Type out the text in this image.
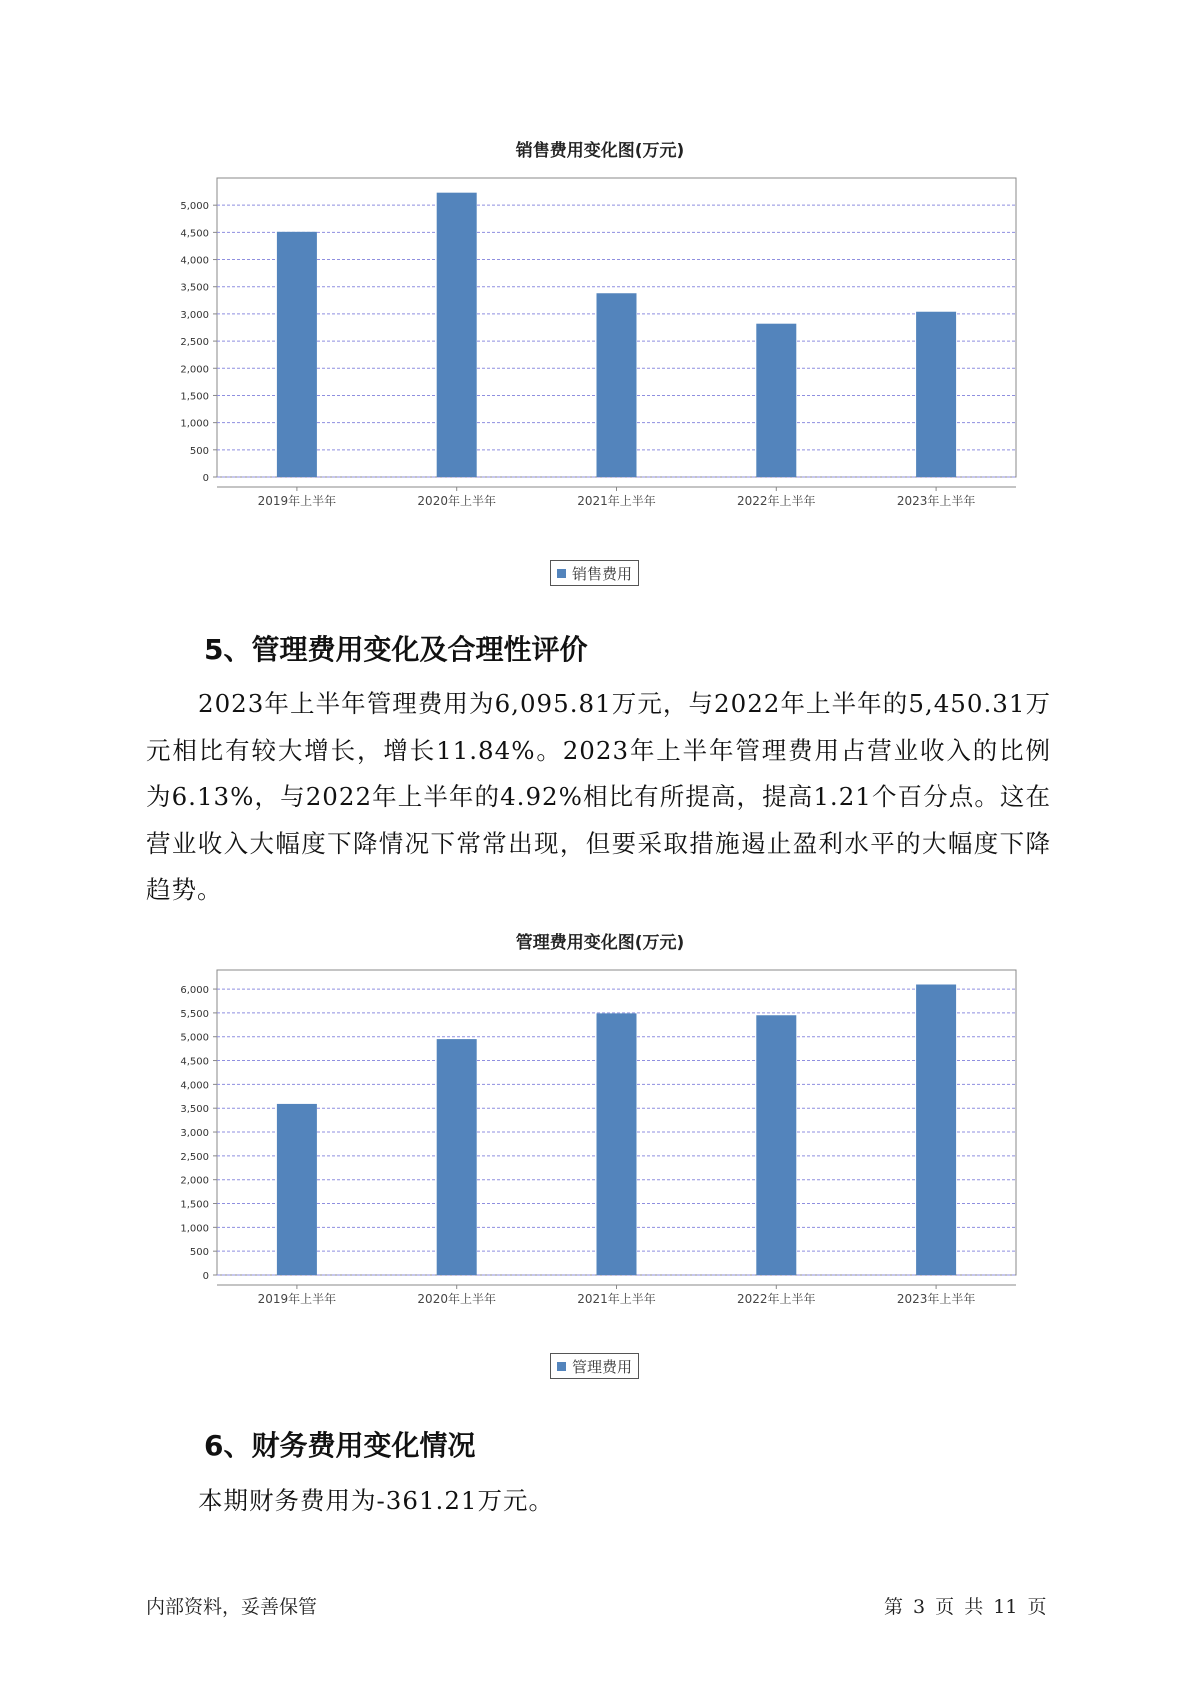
销售费用变化图(万元)
0
500
1,000
1,500
2,000
2,500
3,000
3,500
4,000
4,500
5,000
2019年上半年	2020年上半年	2021年上半年	2022年上半年	2023年上半年
销售费用
5、管理费用变化及合理性评价

2023年上半年管理费用为6,095.81万元，与2022年上半年的5,450.31万元相比有较大增长，增长11.84%。2023年上半年管理费用占营业收入的比例为6.13%，与2022年上半年的4.92%相比有所提高，提高1.21个百分点。这在营业收入大幅度下降情况下常常出现，但要采取措施遏止盈利水平的大幅度下降趋势。

管理费用变化图(万元)
0
500
1,000
1,500
2,000
2,500
3,000
3,500
4,000
4,500
5,000
5,500
6,000
2019年上半年	2020年上半年	2021年上半年	2022年上半年	2023年上半年
管理费用
6、财务费用变化情况

本期财务费用为-361.21万元。

内部资料，妥善保管	第 3 页 共 11 页
